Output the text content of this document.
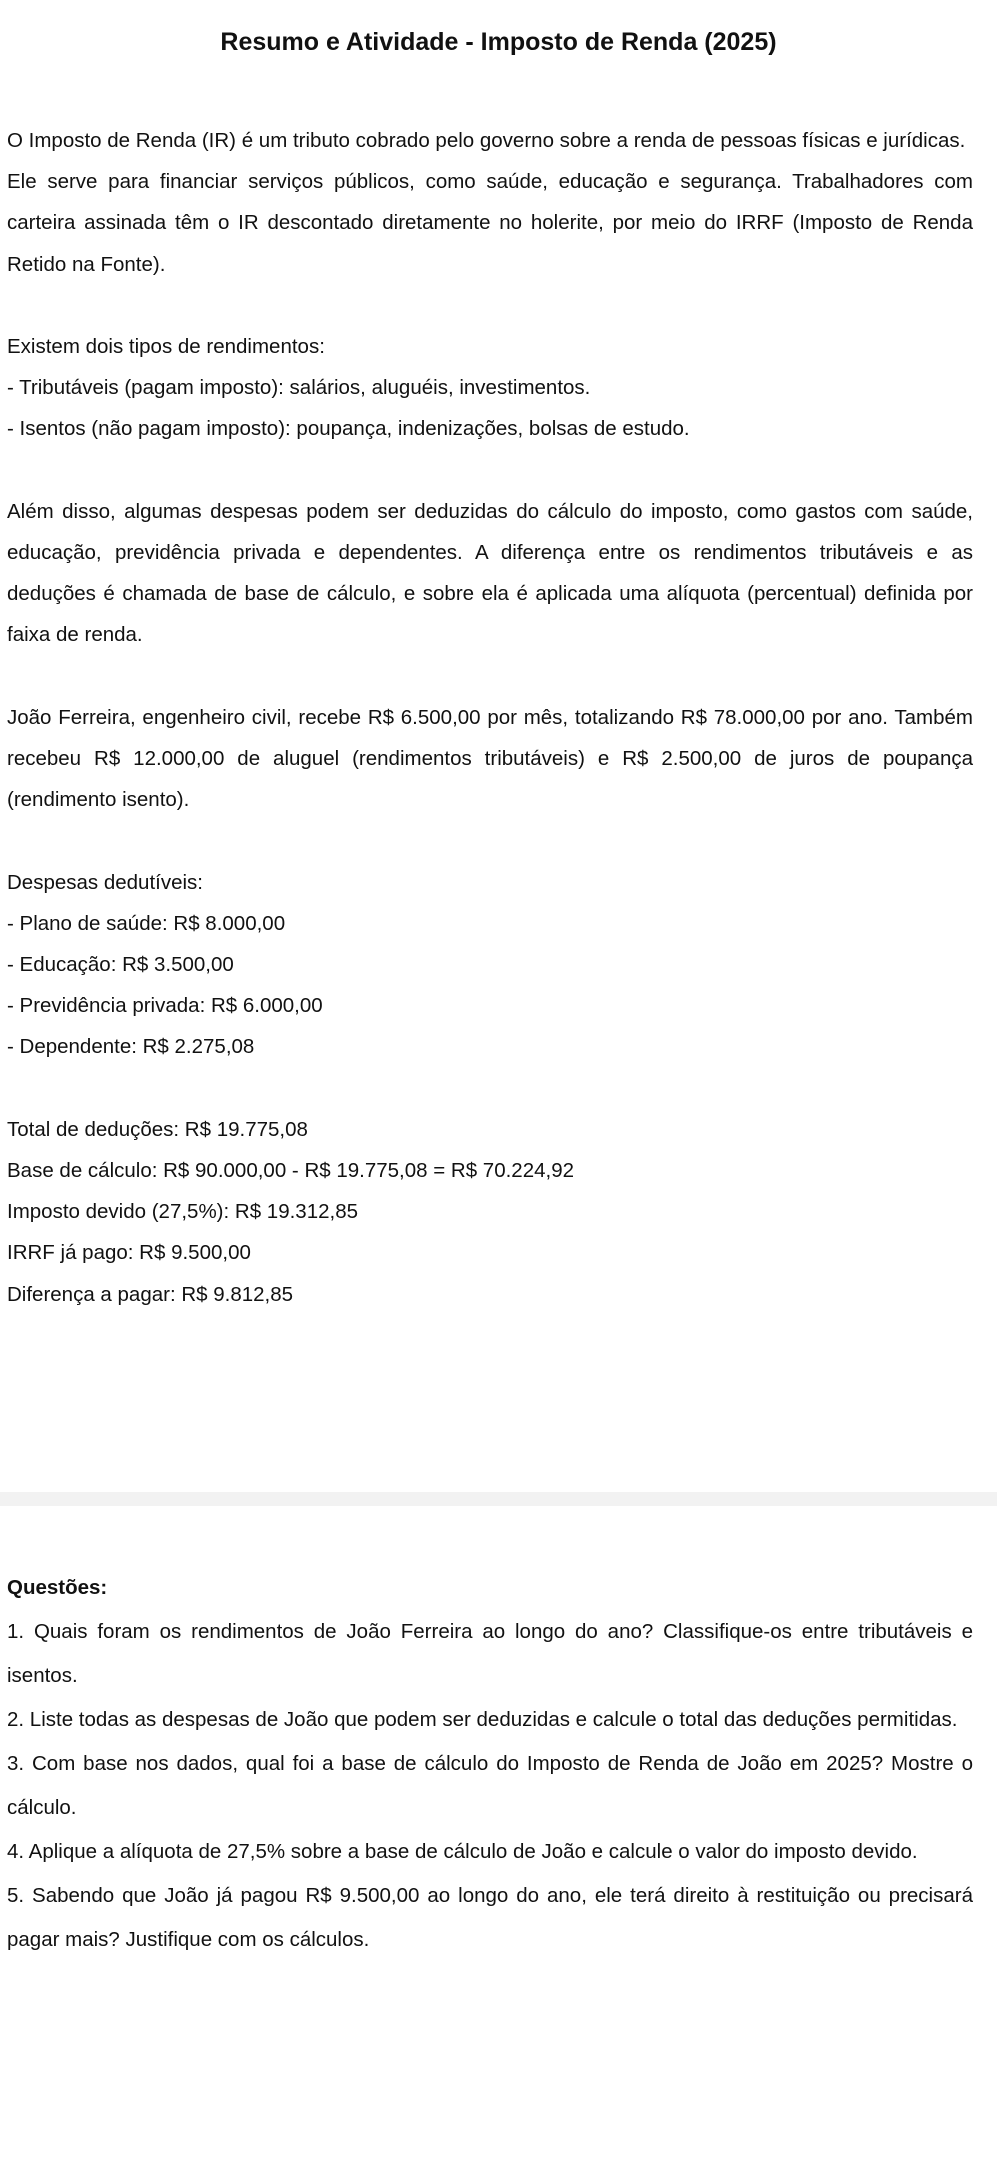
Resumo e Atividade - Imposto de Renda (2025)

O Imposto de Renda (IR) é um tributo cobrado pelo governo sobre a renda de pessoas físicas e jurídicas.

Ele serve para financiar serviços públicos, como saúde, educação e segurança. Trabalhadores com carteira assinada têm o IR descontado diretamente no holerite, por meio do IRRF (Imposto de Renda Retido na Fonte).

Existem dois tipos de rendimentos:

- Tributáveis (pagam imposto): salários, aluguéis, investimentos.

- Isentos (não pagam imposto): poupança, indenizações, bolsas de estudo.

Além disso, algumas despesas podem ser deduzidas do cálculo do imposto, como gastos com saúde, educação, previdência privada e dependentes. A diferença entre os rendimentos tributáveis e as deduções é chamada de base de cálculo, e sobre ela é aplicada uma alíquota (percentual) definida por faixa de renda.

João Ferreira, engenheiro civil, recebe R$ 6.500,00 por mês, totalizando R$ 78.000,00 por ano. Também recebeu R$ 12.000,00 de aluguel (rendimentos tributáveis) e R$ 2.500,00 de juros de poupança (rendimento isento).

Despesas dedutíveis:

- Plano de saúde: R$ 8.000,00

- Educação: R$ 3.500,00

- Previdência privada: R$ 6.000,00

- Dependente: R$ 2.275,08

Total de deduções: R$ 19.775,08

Base de cálculo: R$ 90.000,00 - R$ 19.775,08 = R$ 70.224,92

Imposto devido (27,5%): R$ 19.312,85

IRRF já pago: R$ 9.500,00

Diferença a pagar: R$ 9.812,85

Questões:

1. Quais foram os rendimentos de João Ferreira ao longo do ano? Classifique-os entre tributáveis e isentos.

2. Liste todas as despesas de João que podem ser deduzidas e calcule o total das deduções permitidas.

3. Com base nos dados, qual foi a base de cálculo do Imposto de Renda de João em 2025? Mostre o cálculo.

4. Aplique a alíquota de 27,5% sobre a base de cálculo de João e calcule o valor do imposto devido.

5. Sabendo que João já pagou R$ 9.500,00 ao longo do ano, ele terá direito à restituição ou precisará pagar mais? Justifique com os cálculos.
